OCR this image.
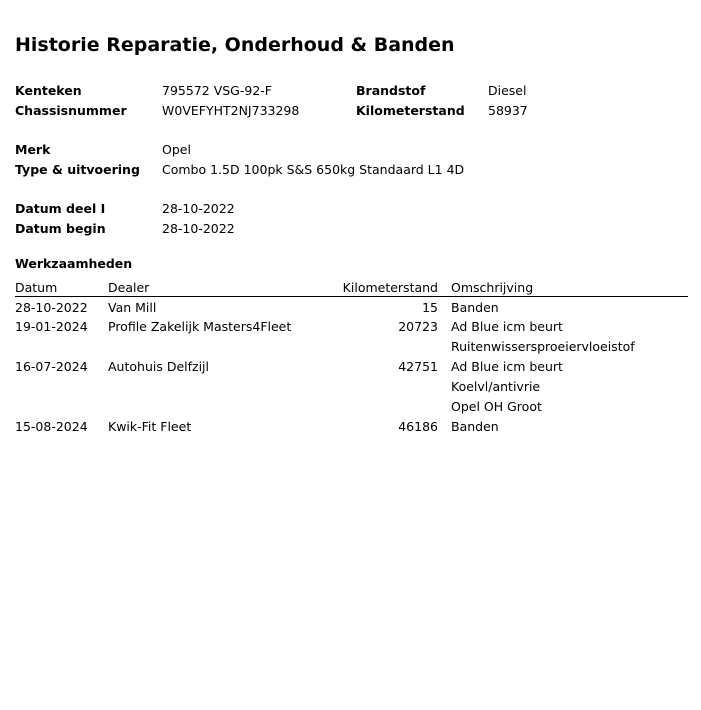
Historie Reparatie, Onderhoud & Banden
Kenteken	795572 VSG-92-F	Brandstof	Diesel
Chassisnummer	W0VEFYHT2NJ733298	Kilometerstand 58937
Merk	Opel
Type & uitvoering Combo 1.5D 100pk S&S 650kg Standaard L1 4D
Datum deel I	28-10-2022
Datum begin	28-10-2022
Werkzaamheden
Datum	Dealer	Kilometerstand Omschrijving
28-10-2022 Van Mill	15 Banden
19-01-2024 Profile Zakelijk Masters4Fleet	20723 Ad Blue icm beurt
Ruitenwissersproeiervloeistof
16-07-2024 Autohuis Delfzijl	42751 Ad Blue icm beurt
Koelvl/antivrie
Opel OH Groot
15-08-2024 Kwik-Fit Fleet	46186 Banden
